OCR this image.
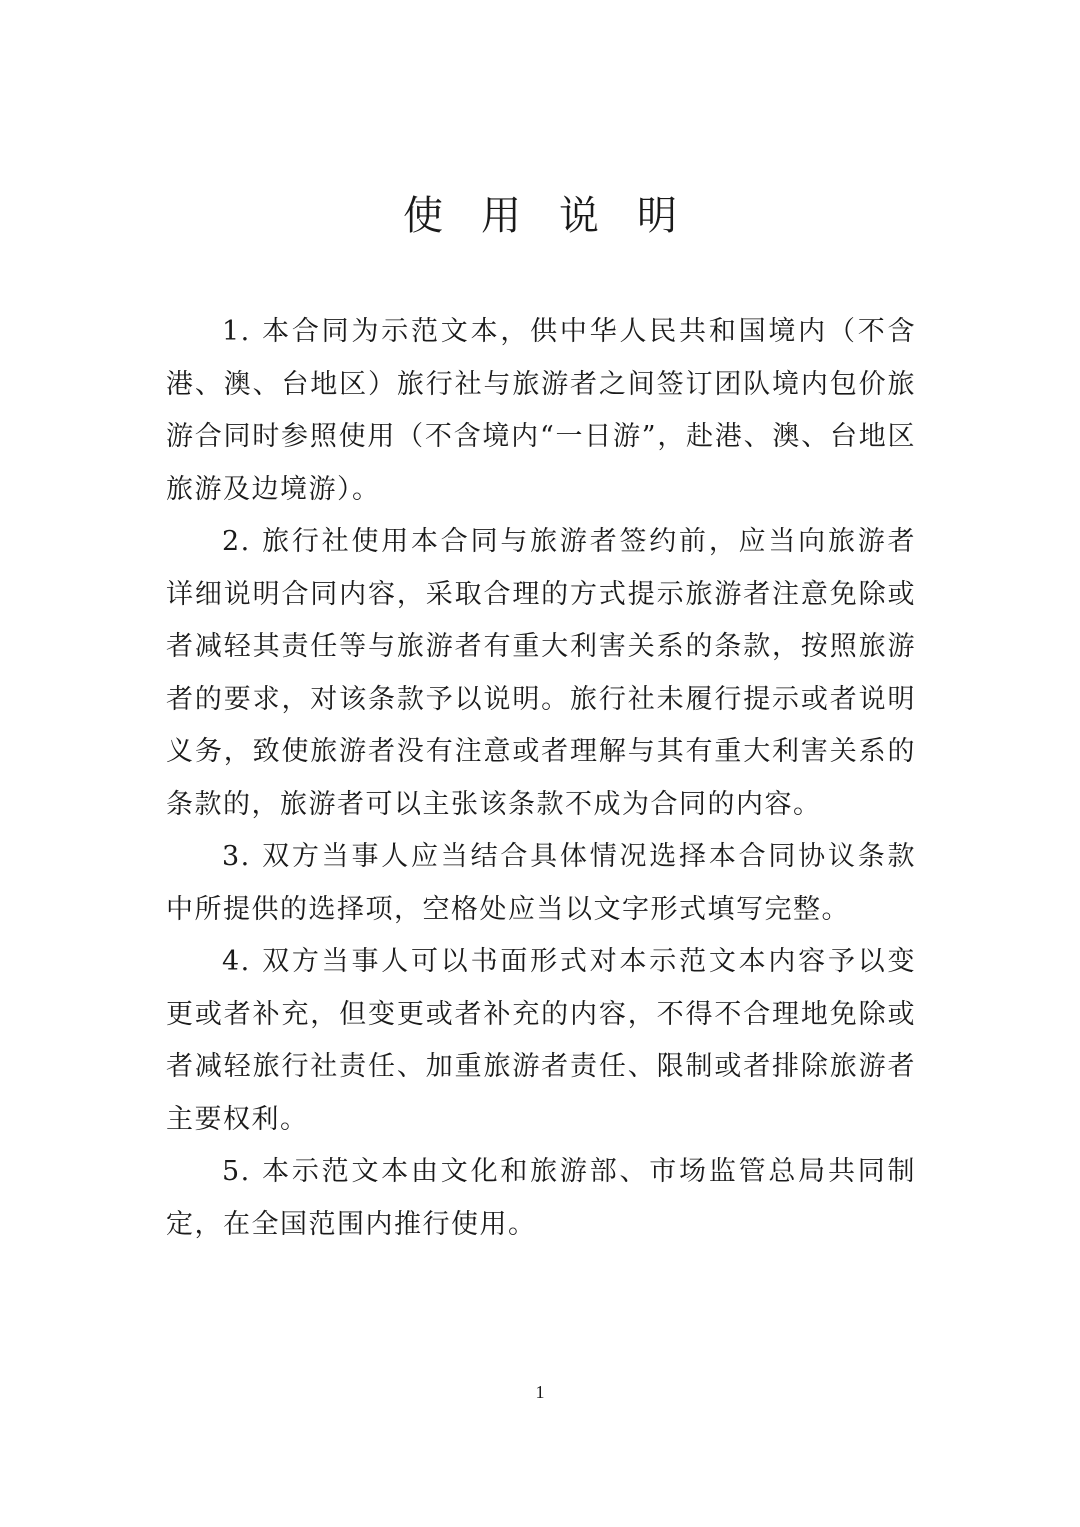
使用说明

1. 本合同为示范文本，供中华人民共和国境内（不含港、澳、台地区）旅行社与旅游者之间签订团队境内包价旅游合同时参照使用（不含境内“一日游”，赴港、澳、台地区旅游及边境游）。

2. 旅行社使用本合同与旅游者签约前，应当向旅游者详细说明合同内容，采取合理的方式提示旅游者注意免除或者减轻其责任等与旅游者有重大利害关系的条款，按照旅游者的要求，对该条款予以说明。旅行社未履行提示或者说明义务，致使旅游者没有注意或者理解与其有重大利害关系的条款的，旅游者可以主张该条款不成为合同的内容。

3. 双方当事人应当结合具体情况选择本合同协议条款中所提供的选择项，空格处应当以文字形式填写完整。

4. 双方当事人可以书面形式对本示范文本内容予以变更或者补充，但变更或者补充的内容，不得不合理地免除或者减轻旅行社责任、加重旅游者责任、限制或者排除旅游者主要权利。

5. 本示范文本由文化和旅游部、市场监管总局共同制定，在全国范围内推行使用。

1
